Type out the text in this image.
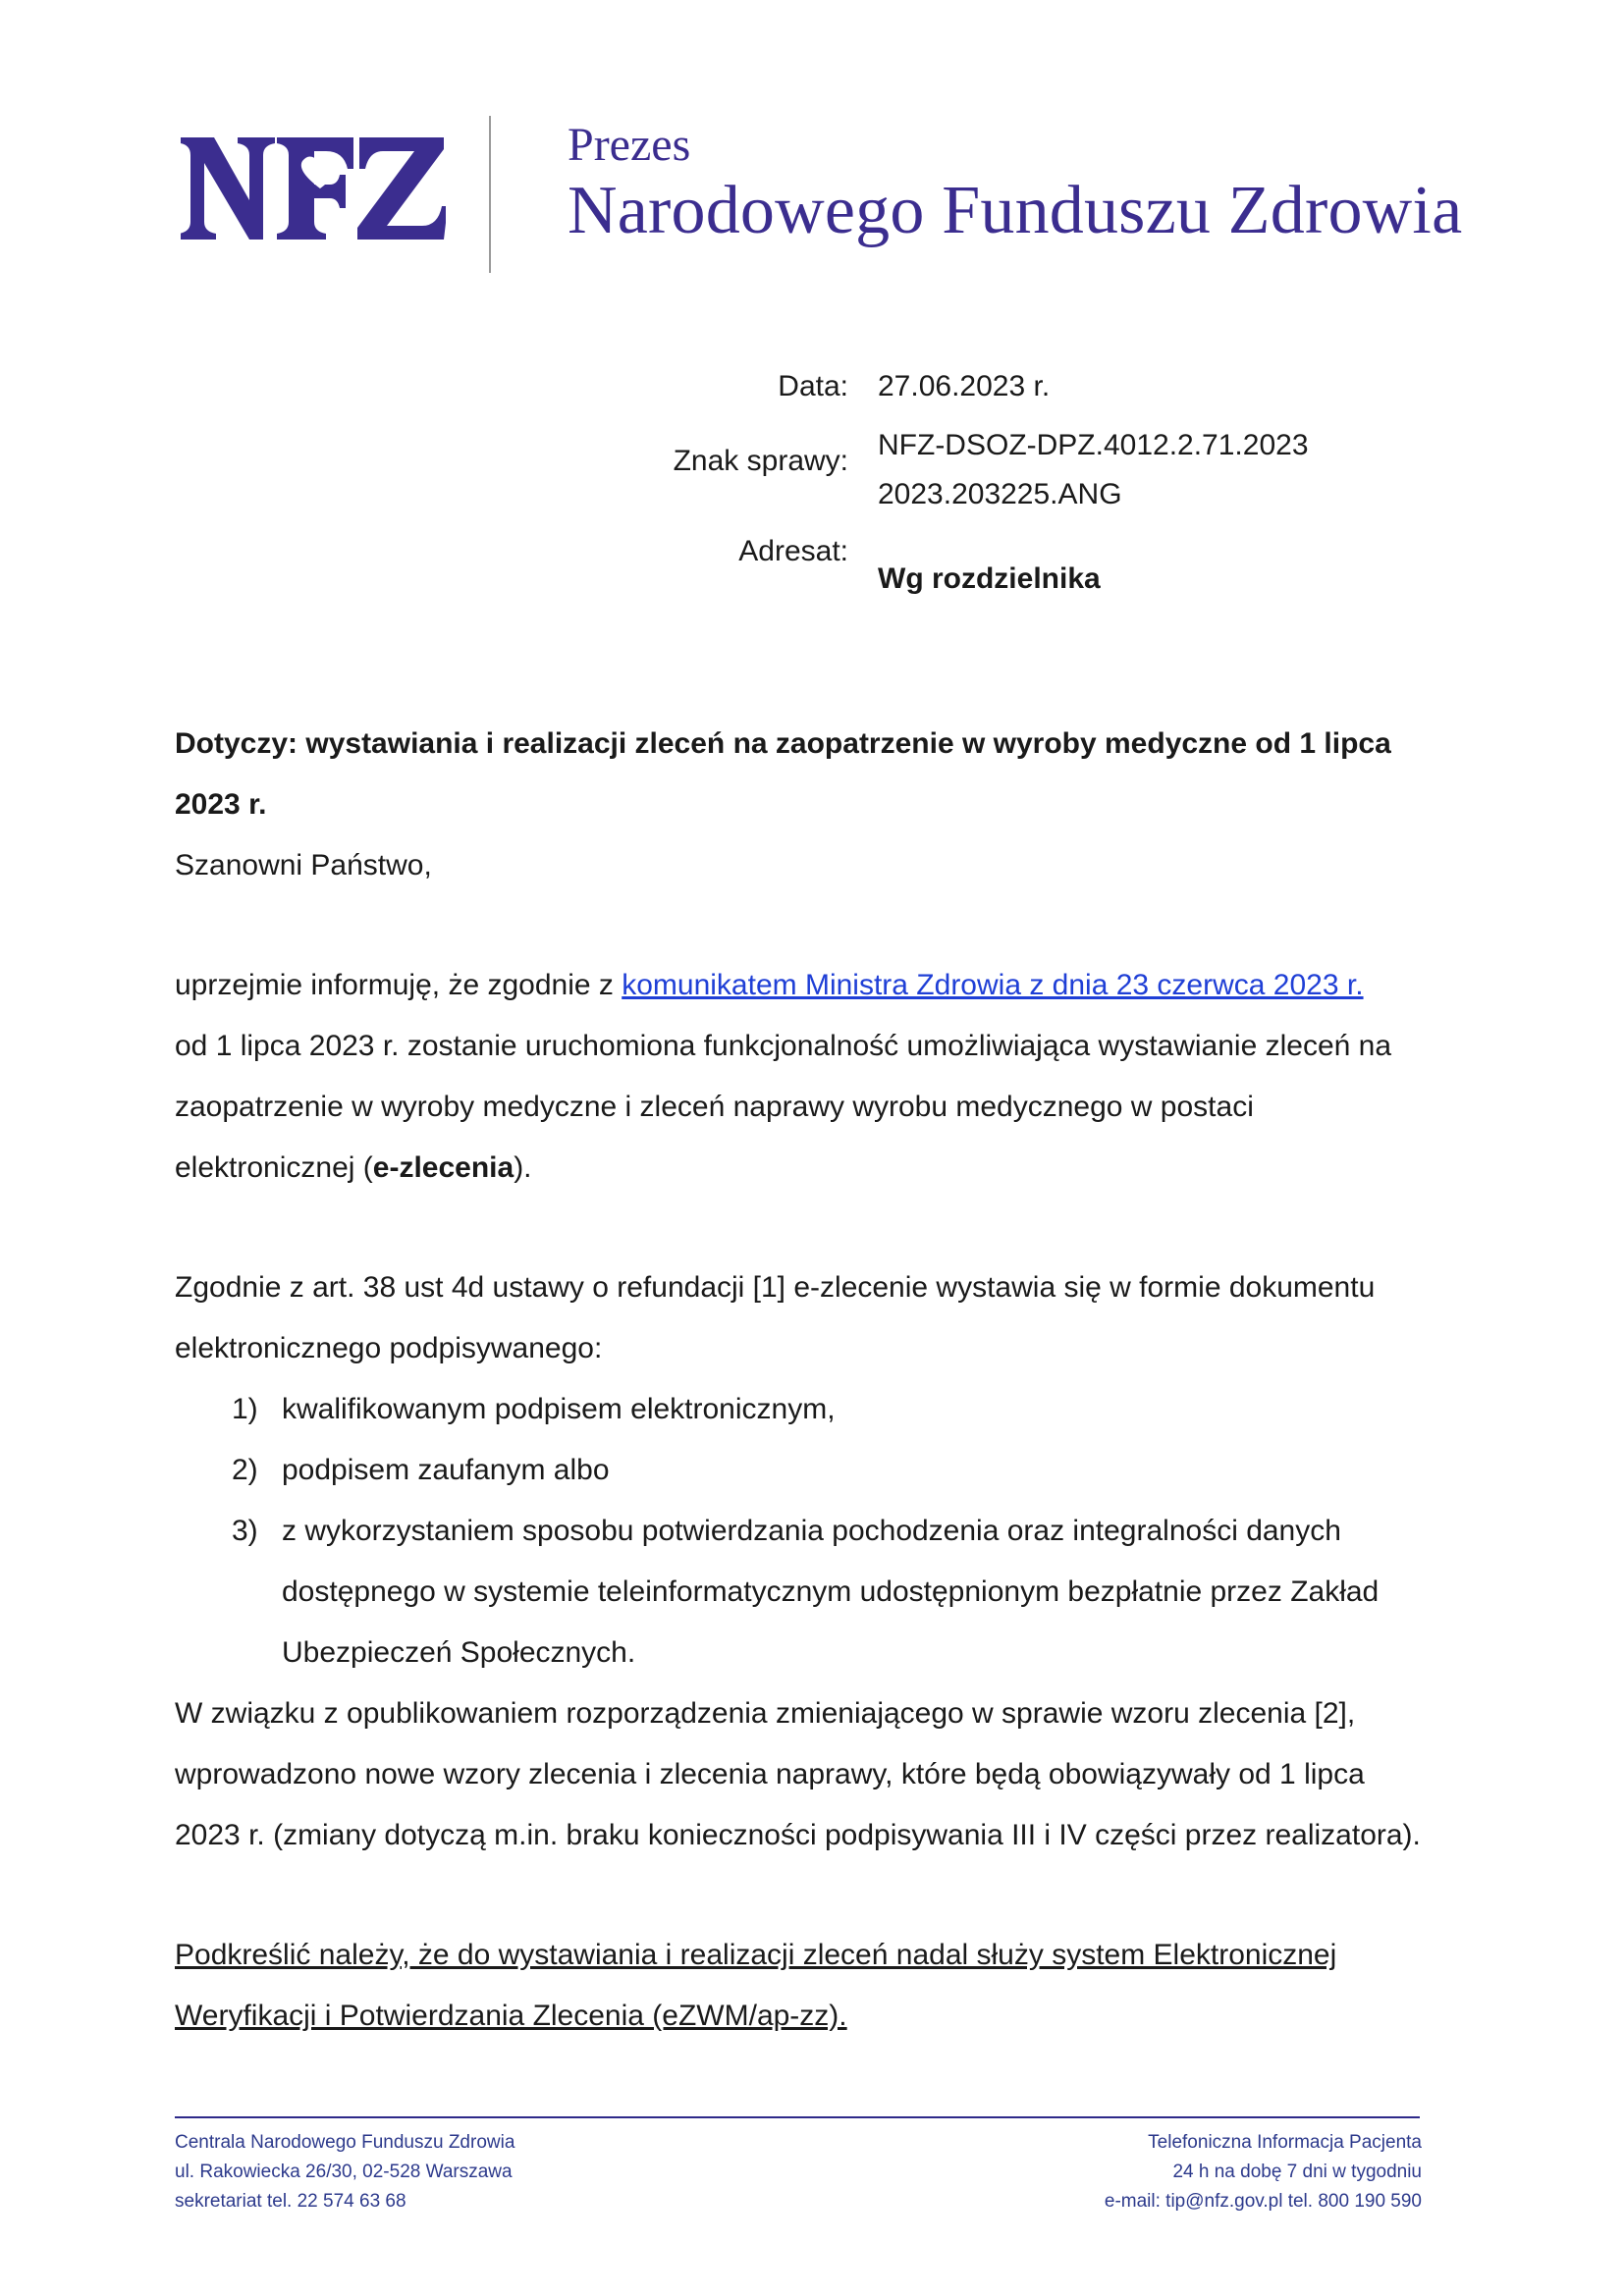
Prezes
Narodowego Funduszu Zdrowia
Data: 27.06.2023 r.
Znak sprawy: NFZ-DSOZ-DPZ.4012.2.71.2023
2023.203225.ANG
Adresat:
Wg rozdzielnika
Dotyczy: wystawiania i realizacji zleceń na zaopatrzenie w wyroby medyczne od 1 lipca
2023 r.
Szanowni Państwo,
uprzejmie informuję, że zgodnie z komunikatem Ministra Zdrowia z dnia 23 czerwca 2023 r.
od 1 lipca 2023 r. zostanie uruchomiona funkcjonalność umożliwiająca wystawianie zleceń na
zaopatrzenie w wyroby medyczne i zleceń naprawy wyrobu medycznego w postaci
elektronicznej (e-zlecenia).
Zgodnie z art. 38 ust 4d ustawy o refundacji [1] e-zlecenie wystawia się w formie dokumentu
elektronicznego podpisywanego:
1) kwalifikowanym podpisem elektronicznym,
2) podpisem zaufanym albo
3) z wykorzystaniem sposobu potwierdzania pochodzenia oraz integralności danych
dostępnego w systemie teleinformatycznym udostępnionym bezpłatnie przez Zakład
Ubezpieczeń Społecznych.
W związku z opublikowaniem rozporządzenia zmieniającego w sprawie wzoru zlecenia [2],
wprowadzono nowe wzory zlecenia i zlecenia naprawy, które będą obowiązywały od 1 lipca
2023 r. (zmiany dotyczą m.in. braku konieczności podpisywania III i IV części przez realizatora).
Podkreślić należy, że do wystawiania i realizacji zleceń nadal służy system Elektronicznej
Weryfikacji i Potwierdzania Zlecenia (eZWM/ap-zz).
Centrala Narodowego Funduszu Zdrowia
ul. Rakowiecka 26/30, 02-528 Warszawa
sekretariat tel. 22 574 63 68
Telefoniczna Informacja Pacjenta
24 h na dobę 7 dni w tygodniu
e-mail: tip@nfz.gov.pl tel. 800 190 590
